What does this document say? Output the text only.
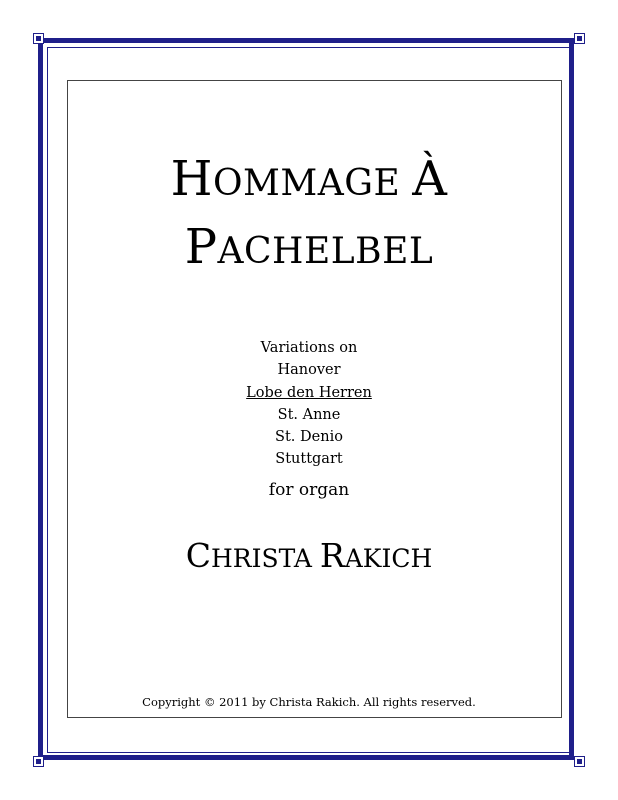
HOMMAGE À
PACHELBEL
Variations on
Hanover
Lobe den Herren
St. Anne
St. Denio
Stuttgart
for organ
CHRISTA RAKICH
Copyright © 2011 by Christa Rakich. All rights reserved.
